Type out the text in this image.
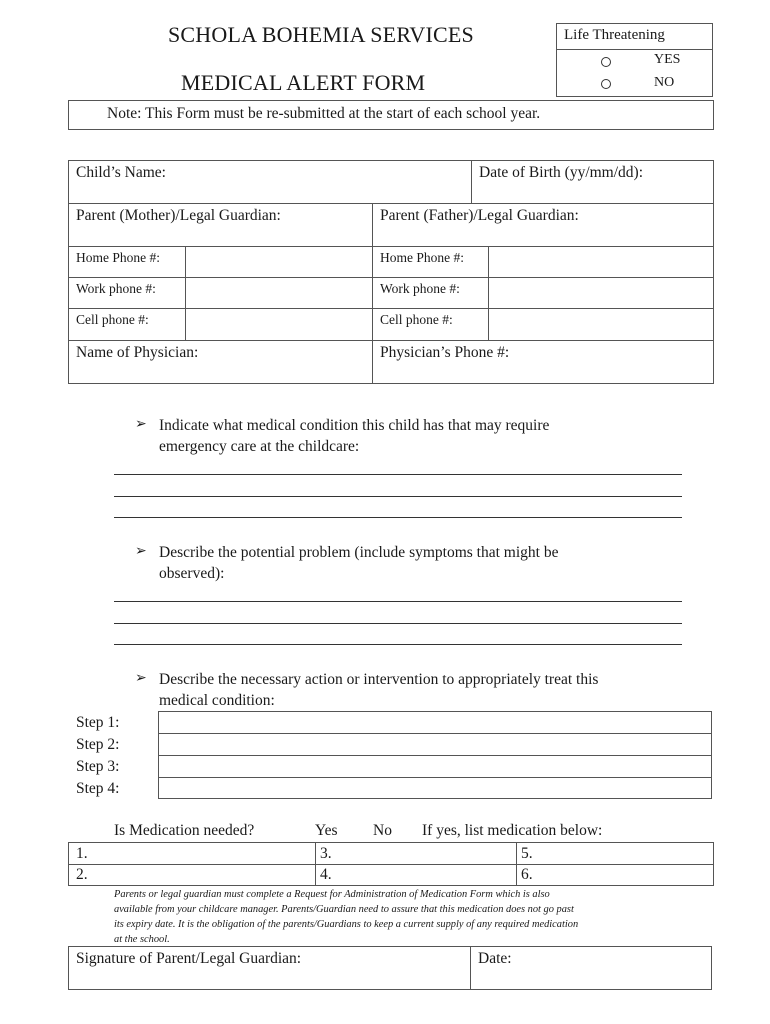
SCHOLA BOHEMIA SERVICES
MEDICAL ALERT FORM
Life Threatening
YES
NO
Note: This Form must be re-submitted at the start of each school year.
Child’s Name:	Date of Birth (yy/mm/dd):
Parent (Mother)/Legal Guardian:	Parent (Father)/Legal Guardian:
Home Phone #:	Home Phone #:
Work phone #:	Work phone #:
Cell phone #:	Cell phone #:
Name of Physician:	Physician’s Phone #:
➢ Indicate what medical condition this child has that may require
emergency care at the childcare:
➢ Describe the potential problem (include symptoms that might be
observed):
➢ Describe the necessary action or intervention to appropriately treat this
medical condition:
Step 1:
Step 2:
Step 3:
Step 4:
Is Medication needed?	Yes No If yes, list medication below:
1.	3.	5.
2.	4.	6.
Parents or legal guardian must complete a Request for Administration of Medication Form which is also
available from your childcare manager. Parents/Guardian need to assure that this medication does not go past
its expiry date. It is the obligation of the parents/Guardians to keep a current supply of any required medication
at the school.
Signature of Parent/Legal Guardian:	Date:
